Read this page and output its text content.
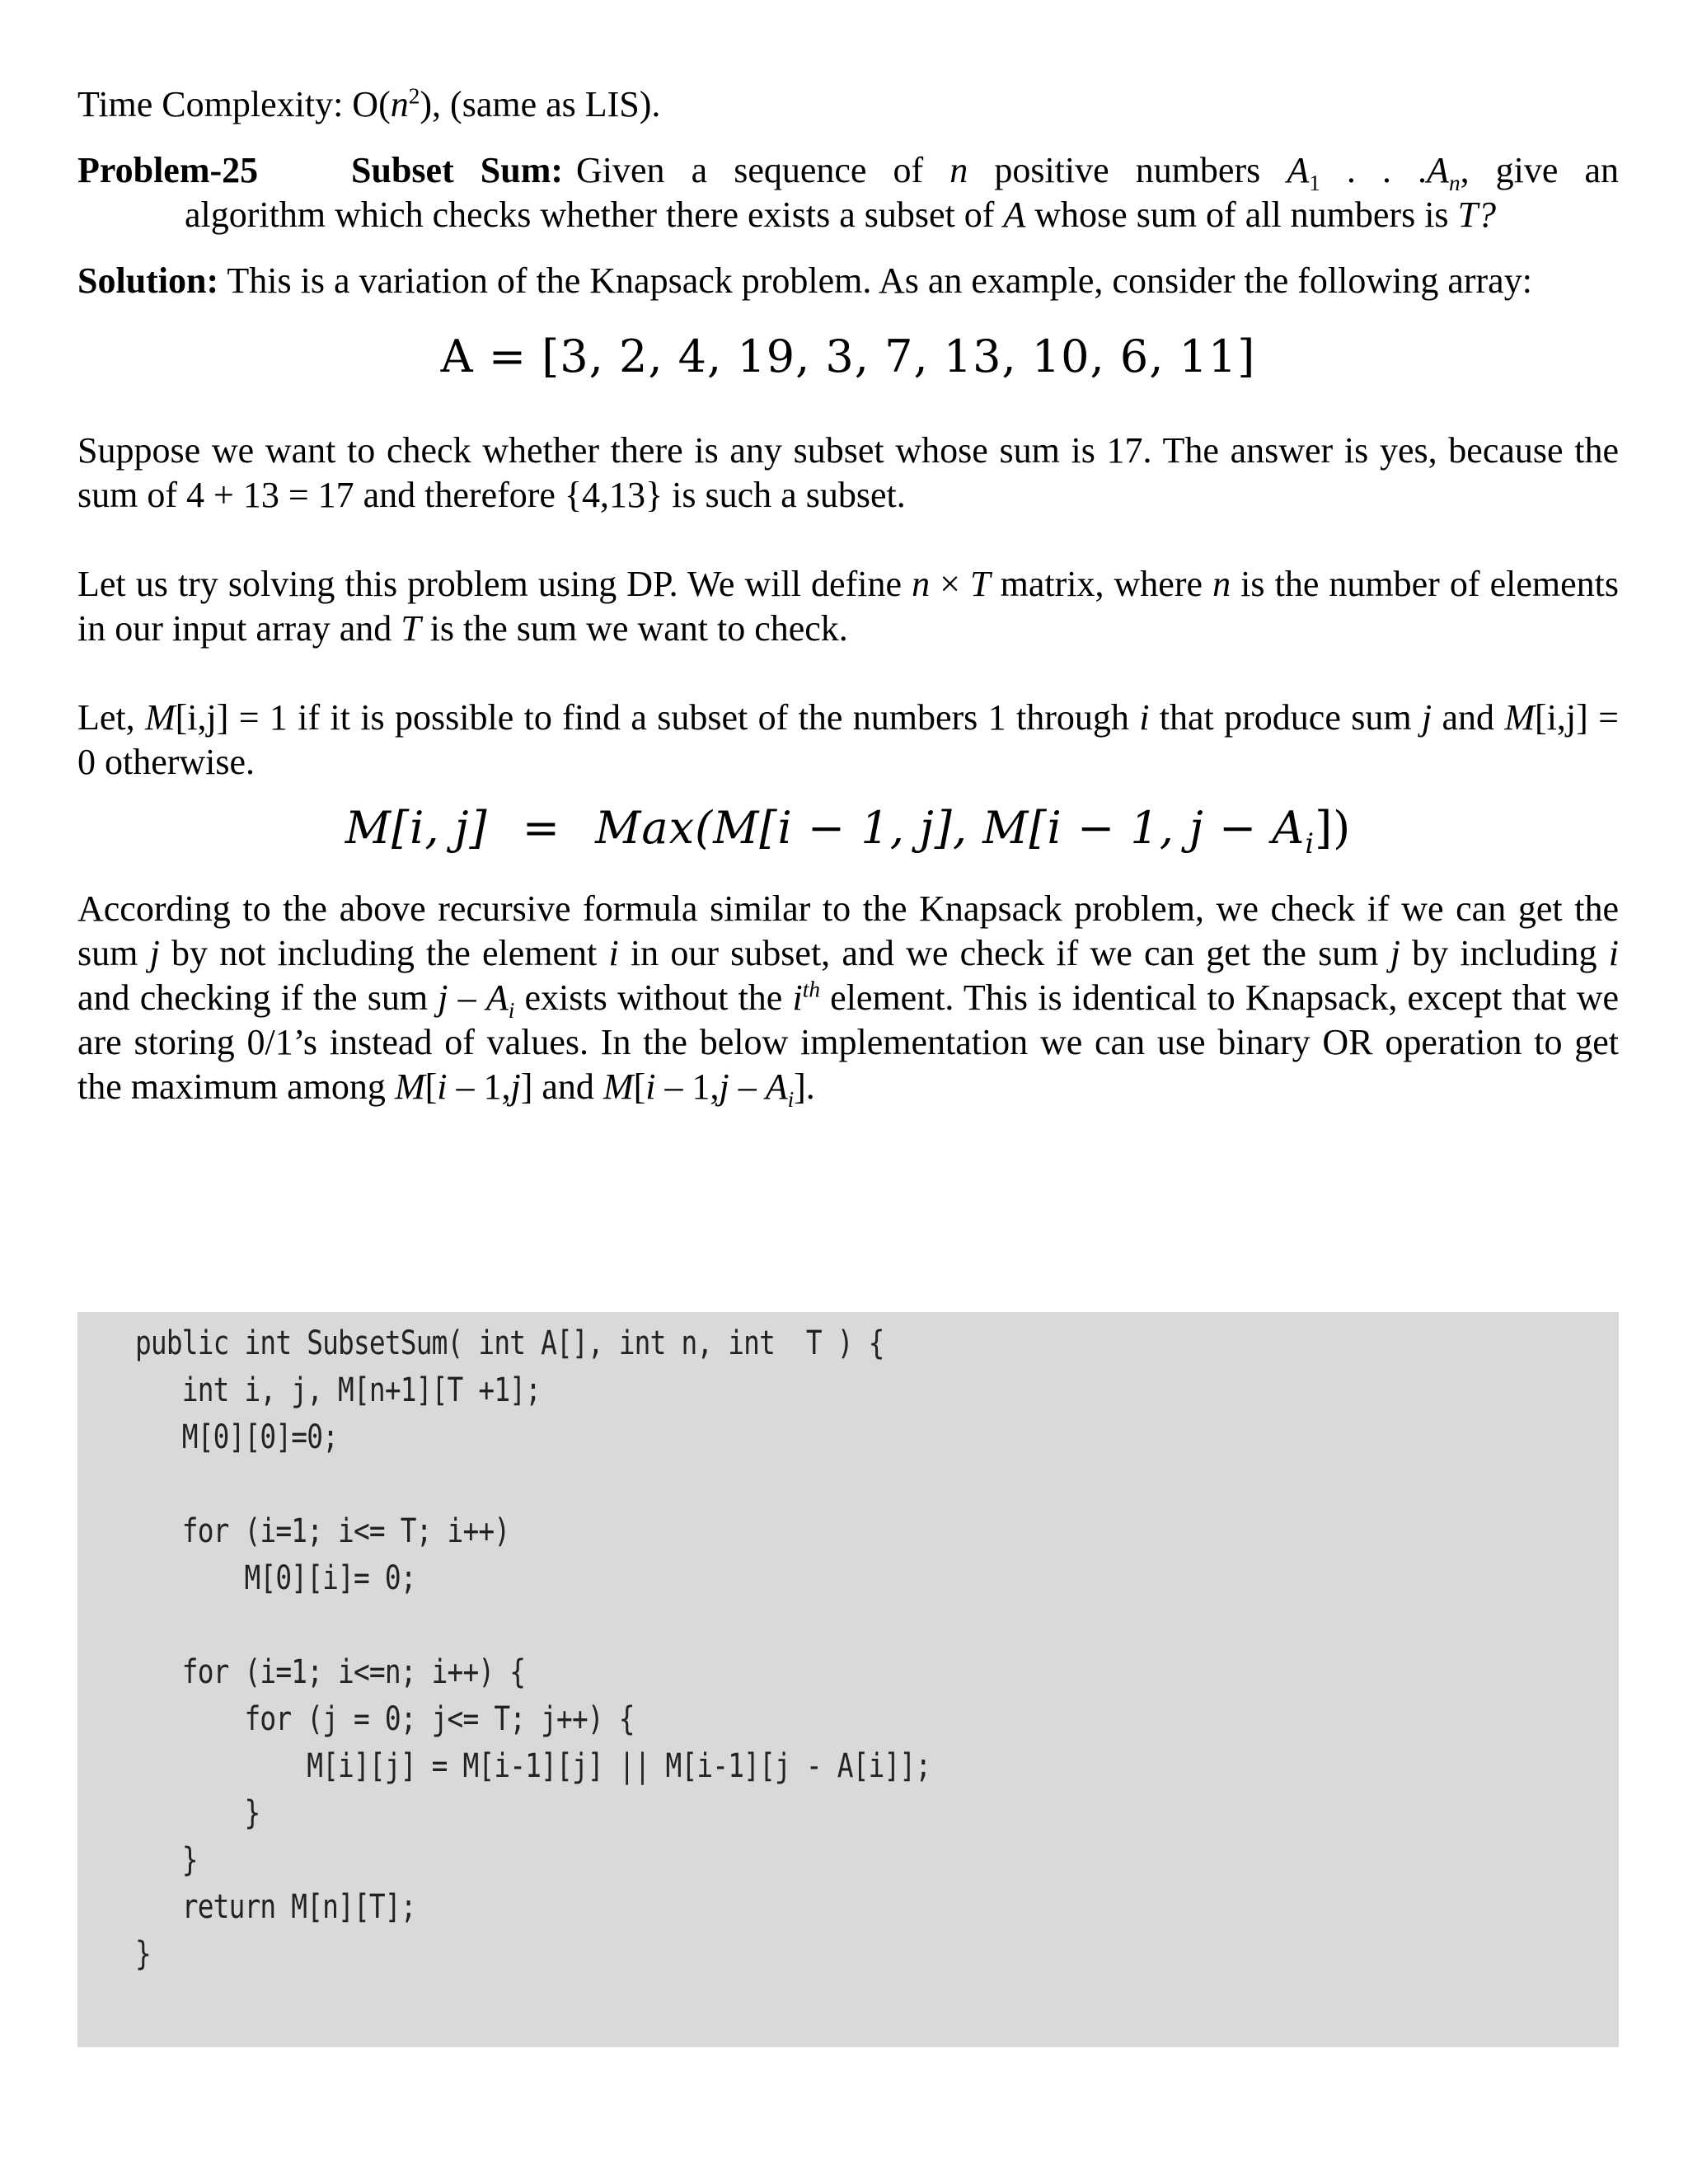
Time Complexity: $O(n^2)$, (same as LIS).

Problem-25	Subset Sum: Given a sequence of n positive numbers $A_1$ . . $.A_n$, give an
algorithm which checks whether there exists a subset of A whose sum of all numbers is T?

Solution: This is a variation of the Knapsack problem. As an example, consider the following array:

A = [3, 2, 4, 19, 3, 7, 13, 10, 6, 11]

Suppose we want to check whether there is any subset whose sum is 17. The answer is yes, because the sum of 4 + 13 = 17 and therefore {4,13} is such a subset.

Let us try solving this problem using DP. We will define n × T matrix, where n is the number of elements in our input array and T is the sum we want to check.

Let, M[i,j] = 1 if it is possible to find a subset of the numbers 1 through i that produce sum j and M[i,j] = 0 otherwise.

M[i, j] = Max(M[i − 1, j], M[i − 1, $j - A_i$])

According to the above recursive formula similar to the Knapsack problem, we check if we can get the sum j by not including the element i in our subset, and we check if we can get the sum j by including i and checking if the sum j – $A_i$ exists without the $i^{th}$ element. This is identical to Knapsack, except that we are storing 0/1’s instead of values. In the below implementation we can use binary OR operation to get the maximum among M[i – 1,j] and $M[i - 1,j - A_i]$.

public int SubsetSum( int A[], int n, int  T ) {
int i, j, M[n+1][T +1];
M[0][0]=0;

for (i=1; i<= T; i++)
M[0][i]= 0;

for (i=1; i<=n; i++) {
for (j = 0; j<= T; j++) {
M[i][j] = M[i-1][j] || M[i-1][j - A[i]];
}
}
return M[n][T];
}
